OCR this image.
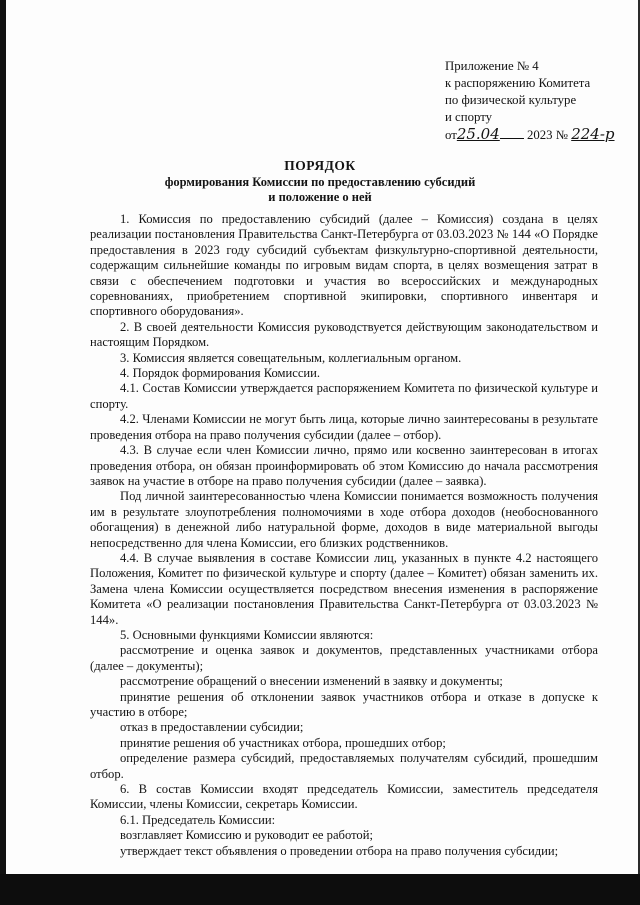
Приложение № 4
к распоряжению Комитета
по физической культуре
и спорту
от25.04 2023 № 224-р
ПОРЯДОК
формирования Комиссии по предоставлению субсидий
и положение о ней

1. Комиссия по предоставлению субсидий (далее – Комиссия) создана в целях реализации постановления Правительства Санкт-Петербурга от 03.03.2023 № 144 «О Порядке предоставления в 2023 году субсидий субъектам физкультурно-спортивной деятельности, содержащим сильнейшие команды по игровым видам спорта, в целях возмещения затрат в связи с обеспечением подготовки и участия во всероссийских и международных соревнованиях, приобретением спортивной экипировки, спортивного инвентаря и спортивного оборудования».

2. В своей деятельности Комиссия руководствуется действующим законодательством и настоящим Порядком.

3. Комиссия является совещательным, коллегиальным органом.

4. Порядок формирования Комиссии.

4.1. Состав Комиссии утверждается распоряжением Комитета по физической культуре и спорту.

4.2. Членами Комиссии не могут быть лица, которые лично заинтересованы в результате проведения отбора на право получения субсидии (далее – отбор).

4.3. В случае если член Комиссии лично, прямо или косвенно заинтересован в итогах проведения отбора, он обязан проинформировать об этом Комиссию до начала рассмотрения заявок на участие в отборе на право получения субсидии (далее – заявка).

Под личной заинтересованностью члена Комиссии понимается возможность получения им в результате злоупотребления полномочиями в ходе отбора доходов (необоснованного обогащения) в денежной либо натуральной форме, доходов в виде материальной выгоды непосредственно для члена Комиссии, его близких родственников.

4.4. В случае выявления в составе Комиссии лиц, указанных в пункте 4.2 настоящего Положения, Комитет по физической культуре и спорту (далее – Комитет) обязан заменить их. Замена члена Комиссии осуществляется посредством внесения изменения в распоряжение Комитета «О реализации постановления Правительства Санкт-Петербурга от 03.03.2023 № 144».

5. Основными функциями Комиссии являются:

рассмотрение и оценка заявок и документов, представленных участниками отбора (далее – документы);

рассмотрение обращений о внесении изменений в заявку и документы;

принятие решения об отклонении заявок участников отбора и отказе в допуске к участию в отборе;

отказ в предоставлении субсидии;

принятие решения об участниках отбора, прошедших отбор;

определение размера субсидий, предоставляемых получателям субсидий, прошедшим отбор.

6. В состав Комиссии входят председатель Комиссии, заместитель председателя Комиссии, члены Комиссии, секретарь Комиссии.

6.1. Председатель Комиссии:

возглавляет Комиссию и руководит ее работой;

утверждает текст объявления о проведении отбора на право получения субсидии;
